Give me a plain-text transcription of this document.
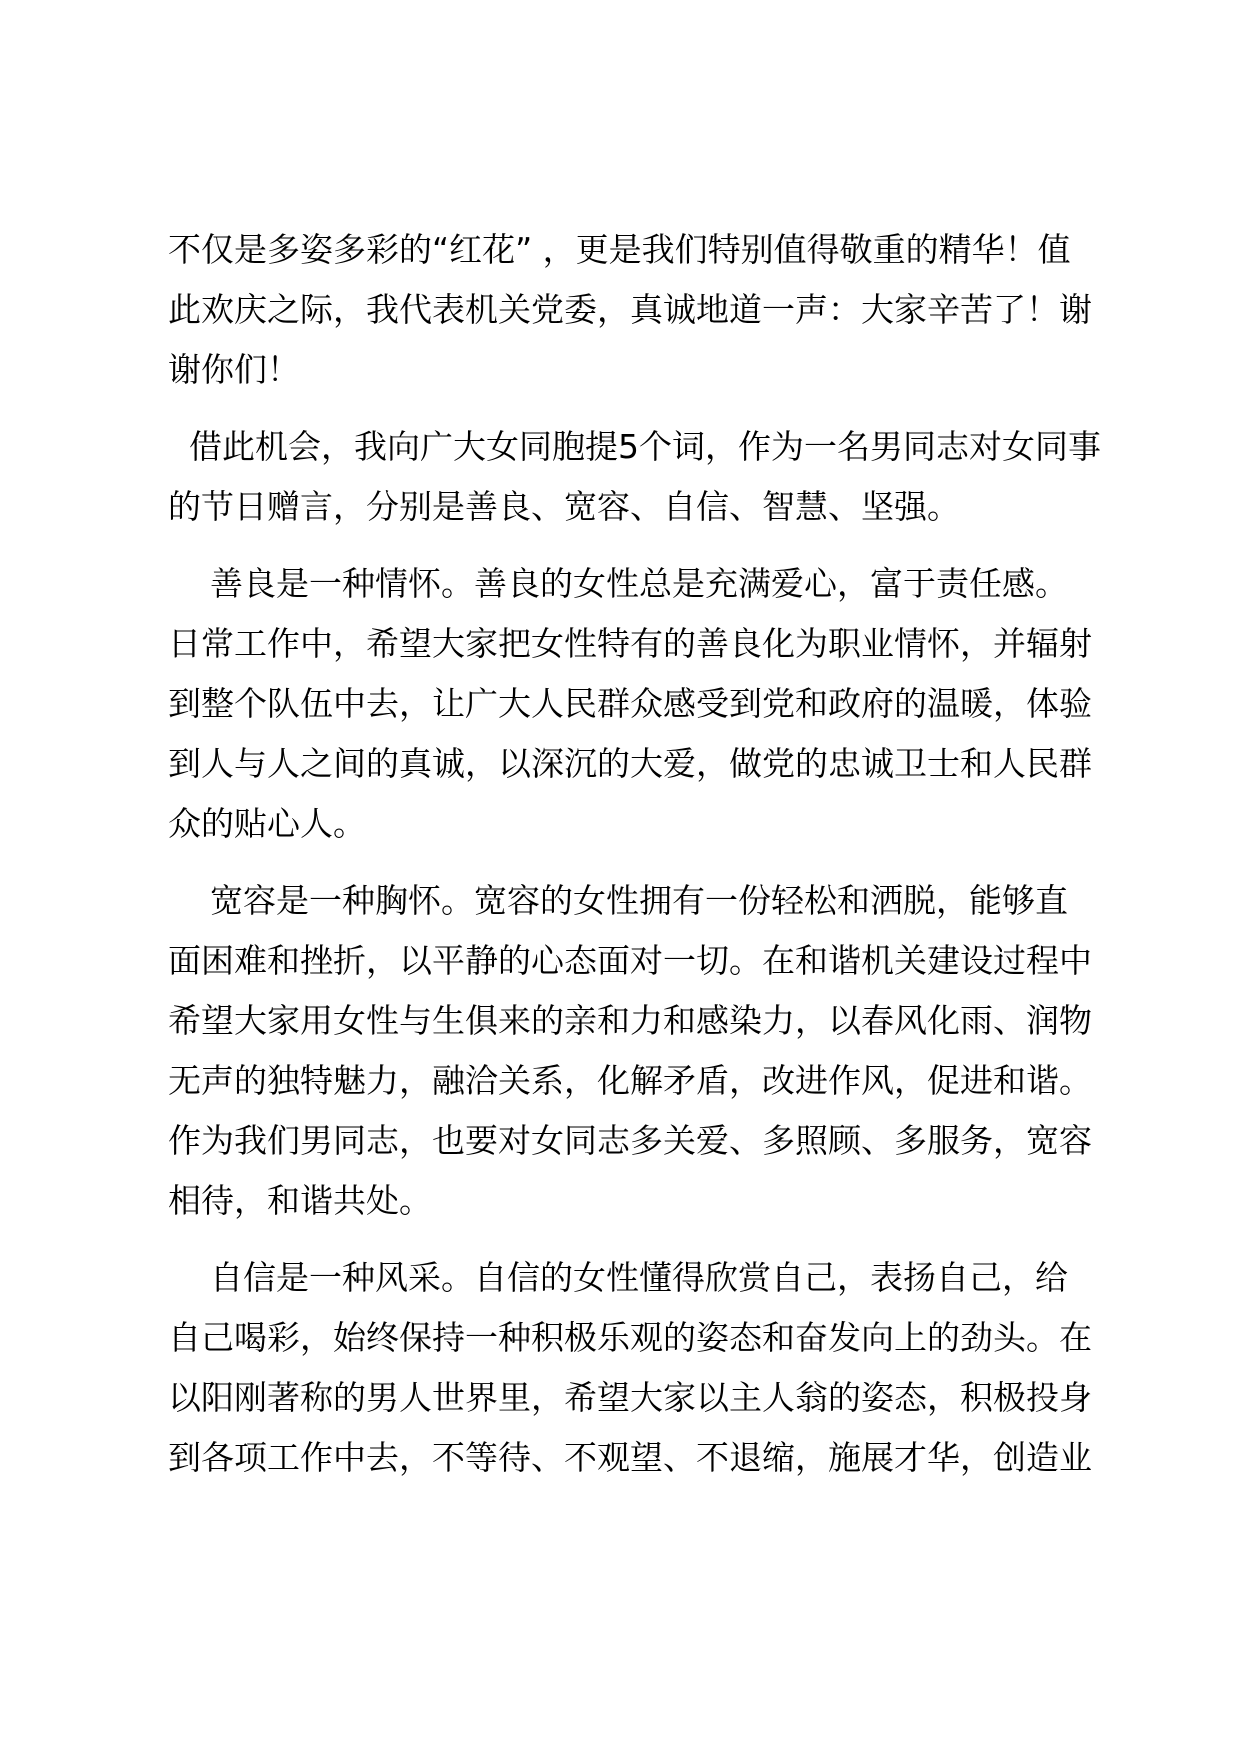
不仅是多姿多彩的“红花” ，更是我们特别值得敬重的精华！值
此欢庆之际，我代表机关党委，真诚地道一声：大家辛苦了！谢
谢你们！
借此机会，我向广大女同胞提5个词，作为一名男同志对女同事
的节日赠言，分别是善良、宽容、自信、智慧、坚强。
善良是一种情怀。善良的女性总是充满爱心，富于责任感。
日常工作中，希望大家把女性特有的善良化为职业情怀，并辐射
到整个队伍中去，让广大人民群众感受到党和政府的温暖，体验
到人与人之间的真诚，以深沉的大爱，做党的忠诚卫士和人民群
众的贴心人。
宽容是一种胸怀。宽容的女性拥有一份轻松和洒脱，能够直
面困难和挫折，以平静的心态面对一切。在和谐机关建设过程中
希望大家用女性与生俱来的亲和力和感染力，以春风化雨、润物
无声的独特魅力，融洽关系，化解矛盾，改进作风，促进和谐。
作为我们男同志，也要对女同志多关爱、多照顾、多服务，宽容
相待，和谐共处。
自信是一种风采。自信的女性懂得欣赏自己，表扬自己，给
自己喝彩，始终保持一种积极乐观的姿态和奋发向上的劲头。在
以阳刚著称的男人世界里，希望大家以主人翁的姿态，积极投身
到各项工作中去，不等待、不观望、不退缩，施展才华，创造业
